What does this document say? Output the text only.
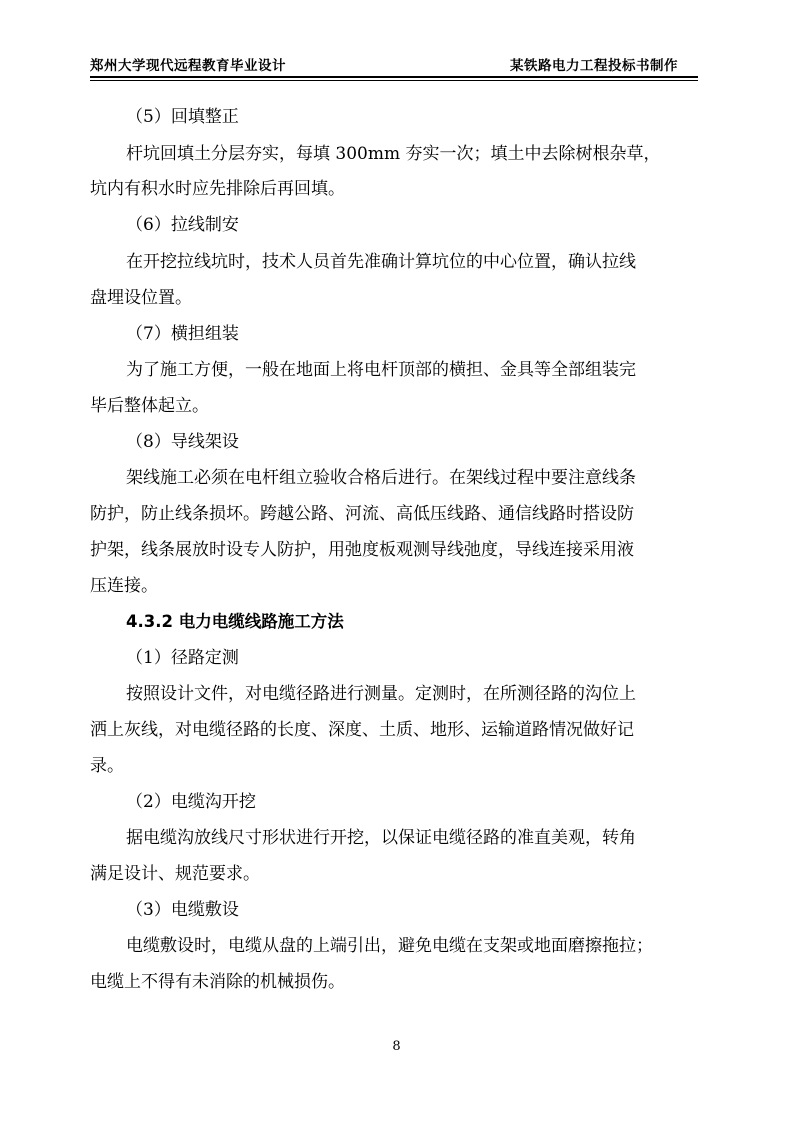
郑州大学现代远程教育毕业设计	某铁路电力工程投标书制作
（5）回填整正
杆坑回填土分层夯实，每填 300mm 夯实一次；填土中去除树根杂草，
坑内有积水时应先排除后再回填。
（6）拉线制安
在开挖拉线坑时，技术人员首先准确计算坑位的中心位置，确认拉线
盘埋设位置。
（7）横担组装
为了施工方便，一般在地面上将电杆顶部的横担、金具等全部组装完
毕后整体起立。
（8）导线架设
架线施工必须在电杆组立验收合格后进行。在架线过程中要注意线条
防护，防止线条损坏。跨越公路、河流、高低压线路、通信线路时搭设防
护架，线条展放时设专人防护，用弛度板观测导线弛度，导线连接采用液
压连接。
4.3.2 电力电缆线路施工方法
（1）径路定测
按照设计文件，对电缆径路进行测量。定测时，在所测径路的沟位上
洒上灰线，对电缆径路的长度、深度、土质、地形、运输道路情况做好记
录。
（2）电缆沟开挖
据电缆沟放线尺寸形状进行开挖，以保证电缆径路的准直美观，转角
满足设计、规范要求。
（3）电缆敷设
电缆敷设时，电缆从盘的上端引出，避免电缆在支架或地面磨擦拖拉；
电缆上不得有未消除的机械损伤。
8
